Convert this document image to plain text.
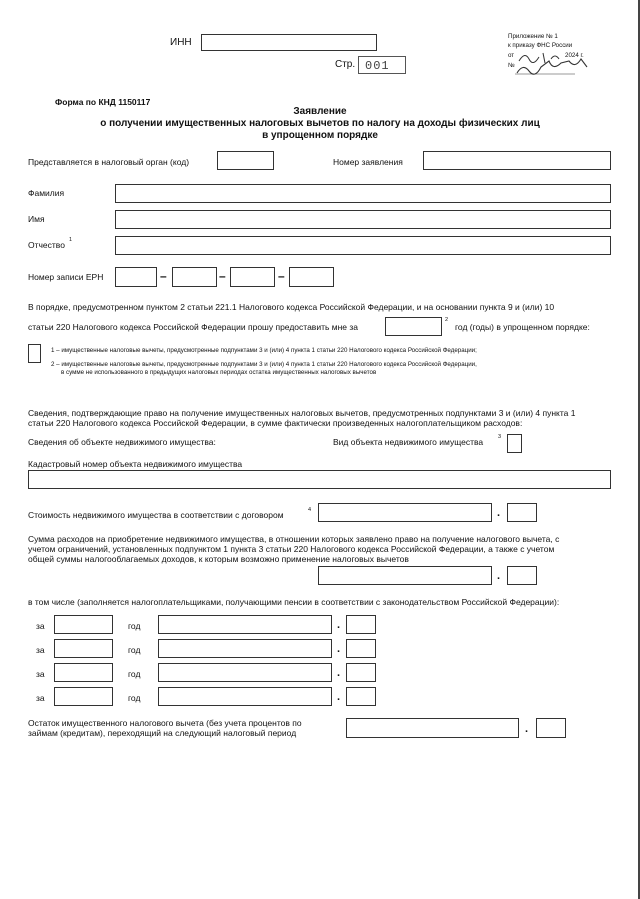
ИНН
Стр. 001
Приложение № 1
к приказу ФНС России
от	2024 г.
№
Форма по КНД 1150117
Заявление
о получении имущественных налоговых вычетов по налогу на доходы физических лиц
в упрощенном порядке
Представляется в налоговый орган (код)	Номер заявления
Фамилия
Имя
Отчество 1
Номер записи ЕРН	–	–	–
В порядке, предусмотренном пунктом 2 статьи 221.1 Налогового кодекса Российской Федерации, и на основании пункта 9 и (или) 10
статьи 220 Налогового кодекса Российской Федерации прошу предоставить мне за
2
год (годы) в упрощенном порядке:
1 – имущественные налоговые вычеты, предусмотренные подпунктами 3 и (или) 4 пункта 1 статьи 220 Налогового кодекса Российской Федерации;
2 – имущественные налоговые вычеты, предусмотренные подпунктами 3 и (или) 4 пункта 1 статьи 220 Налогового кодекса Российской Федерации,
в сумме не использованного в предыдущих налоговых периодах остатка имущественных налоговых вычетов
Сведения, подтверждающие право на получение имущественных налоговых вычетов, предусмотренных подпунктами 3 и (или) 4 пункта 1
статьи 220 Налогового кодекса Российской Федерации, в сумме фактически произведенных налогоплательщиком расходов:
Сведения об объекте недвижимого имущества:	Вид объекта недвижимого имущества	3
Кадастровый номер объекта недвижимого имущества
Стоимость недвижимого имущества в соответствии с договором	4	.
Сумма расходов на приобретение недвижимого имущества, в отношении которых заявлено право на получение налогового вычета, с
учетом ограничений, установленных подпунктом 1 пункта 3 статьи 220 Налогового кодекса Российской Федерации, а также с учетом
общей суммы налогооблагаемых доходов, к которым возможно применение налоговых вычетов
.
в том числе (заполняется налогоплательщиками, получающими пенсии в соответствии с законодательством Российской Федерации):
за	год	.
за	год	.
за	год	.
за	год	.
Остаток имущественного налогового вычета (без учета процентов по
займам (кредитам), переходящий на следующий налоговый период	.
